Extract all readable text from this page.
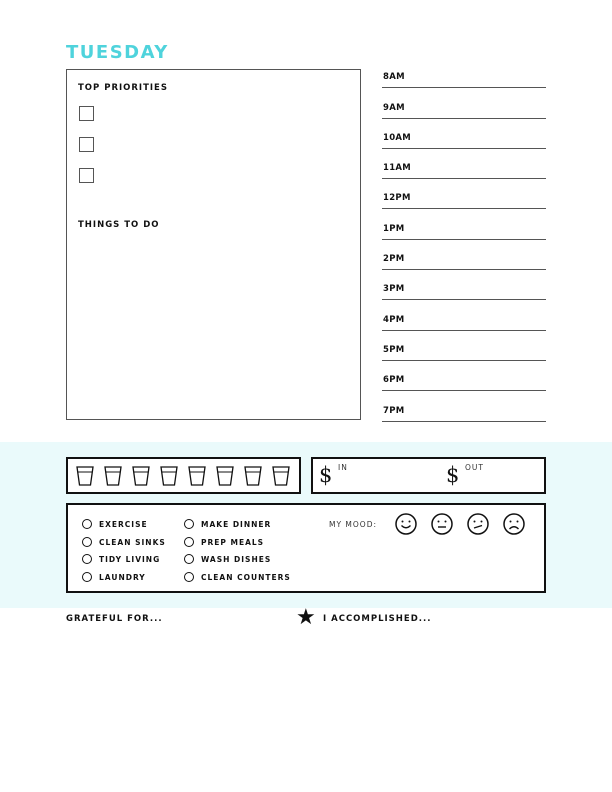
TUESDAY
TOP PRIORITIES
THINGS TO DO
8AM
9AM
10AM
11AM
12PM
1PM
2PM
3PM
4PM
5PM
6PM
7PM
$ IN	$ OUT
EXERCISE
CLEAN SINKS
TIDY LIVING
LAUNDRY
MAKE DINNER
PREP MEALS
WASH DISHES
CLEAN COUNTERS
MY MOOD:
GRATEFUL FOR...	★ I ACCOMPLISHED...
